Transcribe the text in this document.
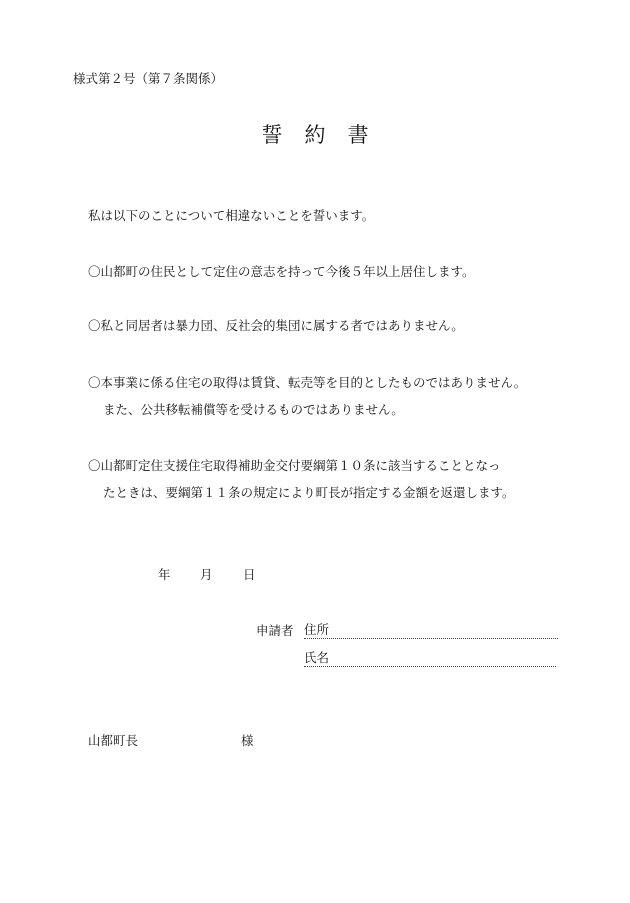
様式第２号（第７条関係）
誓約書
私は以下のことについて相違ないことを誓います。
〇山都町の住民として定住の意志を持って今後５年以上居住します。
〇私と同居者は暴力団、反社会的集団に属する者ではありません。
〇本事業に係る住宅の取得は賃貸、転売等を目的としたものではありません。
また、公共移転補償等を受けるものではありません。
〇山都町定住支援住宅取得補助金交付要綱第１０条に該当することとなっ
たときは、要綱第１１条の規定により町長が指定する金額を返還します。
年 月 日
申請者 住所
氏名
山都町長	様
